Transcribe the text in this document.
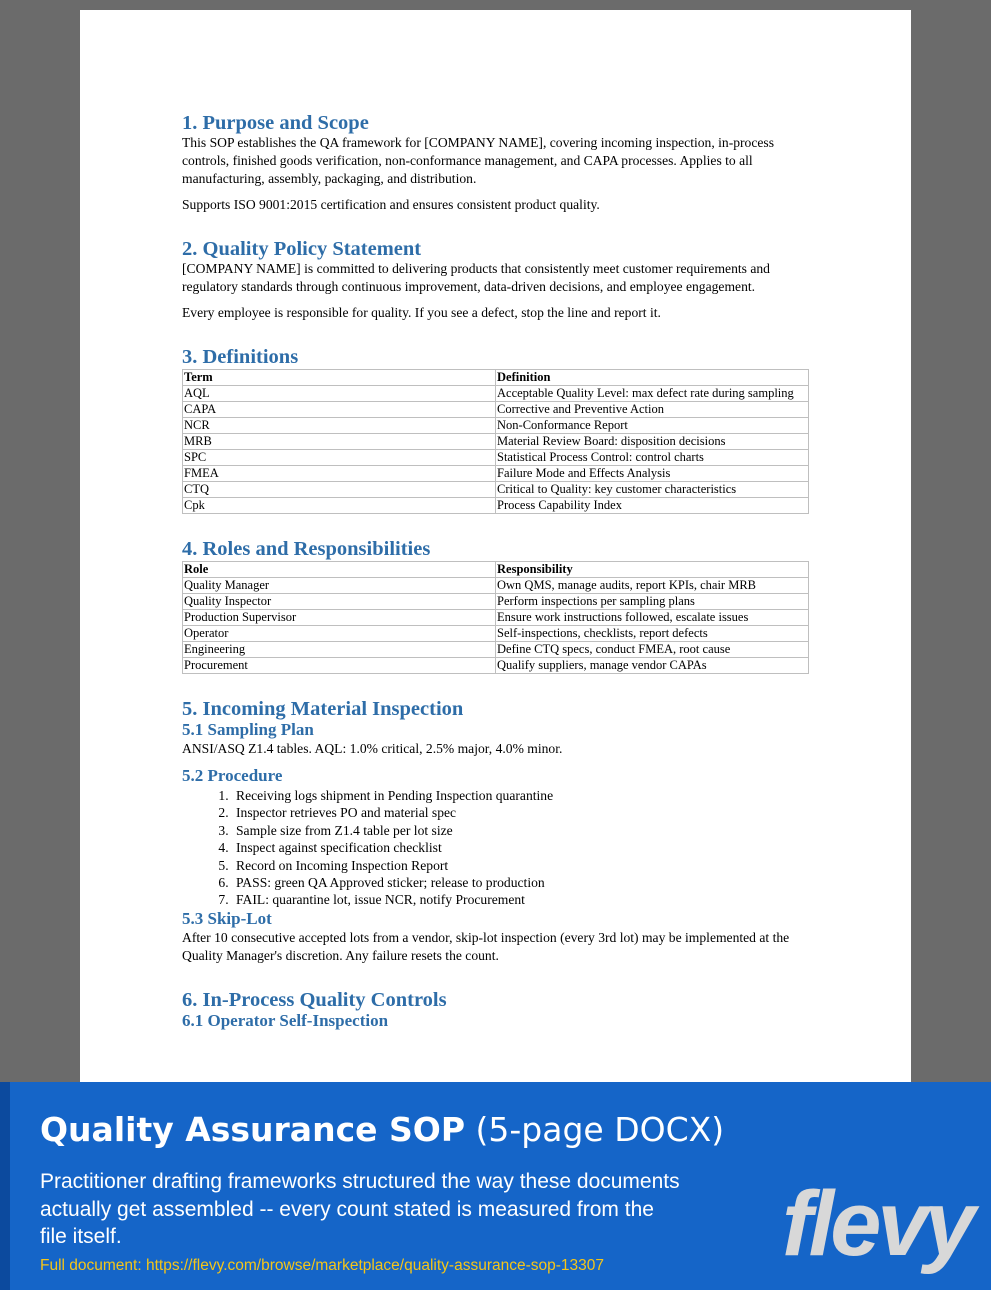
1. Purpose and Scope

This SOP establishes the QA framework for [COMPANY NAME], covering incoming inspection, in-process controls, finished goods verification, non-conformance management, and CAPA processes. Applies to all manufacturing, assembly, packaging, and distribution.

Supports ISO 9001:2015 certification and ensures consistent product quality.

2. Quality Policy Statement

[COMPANY NAME] is committed to delivering products that consistently meet customer requirements and regulatory standards through continuous improvement, data-driven decisions, and employee engagement.

Every employee is responsible for quality. If you see a defect, stop the line and report it.

3. Definitions
Term	Definition
AQL	Acceptable Quality Level: max defect rate during sampling
CAPA	Corrective and Preventive Action
NCR	Non-Conformance Report
MRB	Material Review Board: disposition decisions
SPC	Statistical Process Control: control charts
FMEA	Failure Mode and Effects Analysis
CTQ	Critical to Quality: key customer characteristics
Cpk	Process Capability Index
4. Roles and Responsibilities
Role	Responsibility
Quality Manager	Own QMS, manage audits, report KPIs, chair MRB
Quality Inspector	Perform inspections per sampling plans
Production Supervisor	Ensure work instructions followed, escalate issues
Operator	Self-inspections, checklists, report defects
Engineering	Define CTQ specs, conduct FMEA, root cause
Procurement	Qualify suppliers, manage vendor CAPAs
5. Incoming Material Inspection
5.1 Sampling Plan

ANSI/ASQ Z1.4 tables. AQL: 1.0% critical, 2.5% major, 4.0% minor.

5.2 Procedure
1. Receiving logs shipment in Pending Inspection quarantine
2. Inspector retrieves PO and material spec
3. Sample size from Z1.4 table per lot size
4. Inspect against specification checklist
5. Record on Incoming Inspection Report
6. PASS: green QA Approved sticker; release to production
7. FAIL: quarantine lot, issue NCR, notify Procurement
5.3 Skip-Lot

After 10 consecutive accepted lots from a vendor, skip-lot inspection (every 3rd lot) may be implemented at the Quality Manager's discretion. Any failure resets the count.

6. In-Process Quality Controls
6.1 Operator Self-Inspection
Quality Assurance SOP (5-page DOCX)
Practitioner drafting frameworks structured the way these documents actually get assembled -- every count stated is measured from the file itself.
Full document: https://flevy.com/browse/marketplace/quality-assurance-sop-13307 flevy
